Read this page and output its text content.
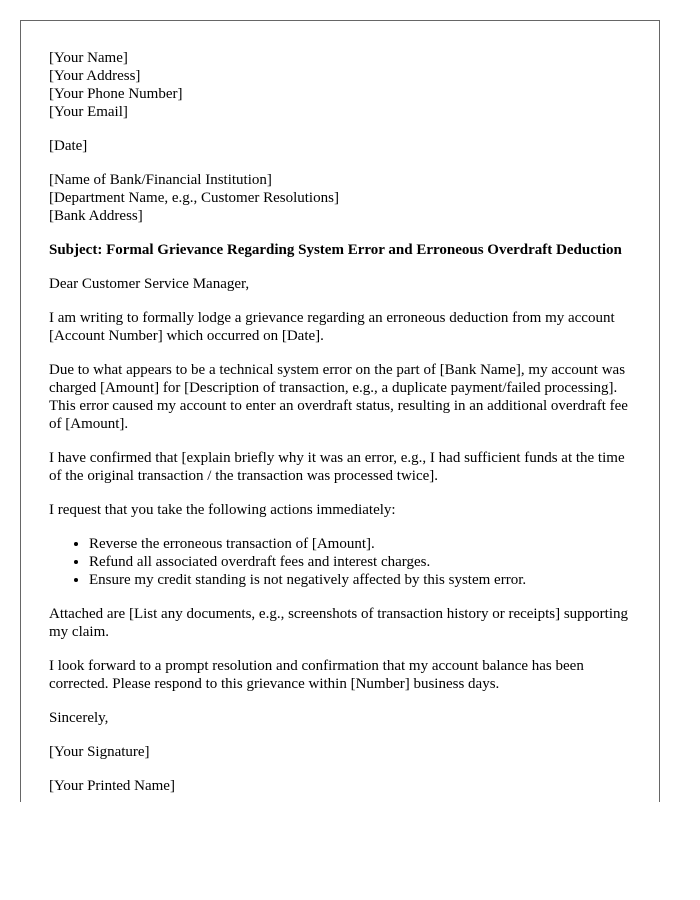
[Your Name]
[Your Address]
[Your Phone Number]
[Your Email]
[Date]
[Name of Bank/Financial Institution]
[Department Name, e.g., Customer Resolutions]
[Bank Address]

Subject: Formal Grievance Regarding System Error and Erroneous Overdraft Deduction

Dear Customer Service Manager,

I am writing to formally lodge a grievance regarding an erroneous deduction from my account [Account Number] which occurred on [Date].

Due to what appears to be a technical system error on the part of [Bank Name], my account was charged [Amount] for [Description of transaction, e.g., a duplicate payment/failed processing]. This error caused my account to enter an overdraft status, resulting in an additional overdraft fee of [Amount].

I have confirmed that [explain briefly why it was an error, e.g., I had sufficient funds at the time of the original transaction / the transaction was processed twice].

I request that you take the following actions immediately:

• Reverse the erroneous transaction of [Amount].
• Refund all associated overdraft fees and interest charges.
• Ensure my credit standing is not negatively affected by this system error.

Attached are [List any documents, e.g., screenshots of transaction history or receipts] supporting my claim.

I look forward to a prompt resolution and confirmation that my account balance has been corrected. Please respond to this grievance within [Number] business days.

Sincerely,

[Your Signature]

[Your Printed Name]
